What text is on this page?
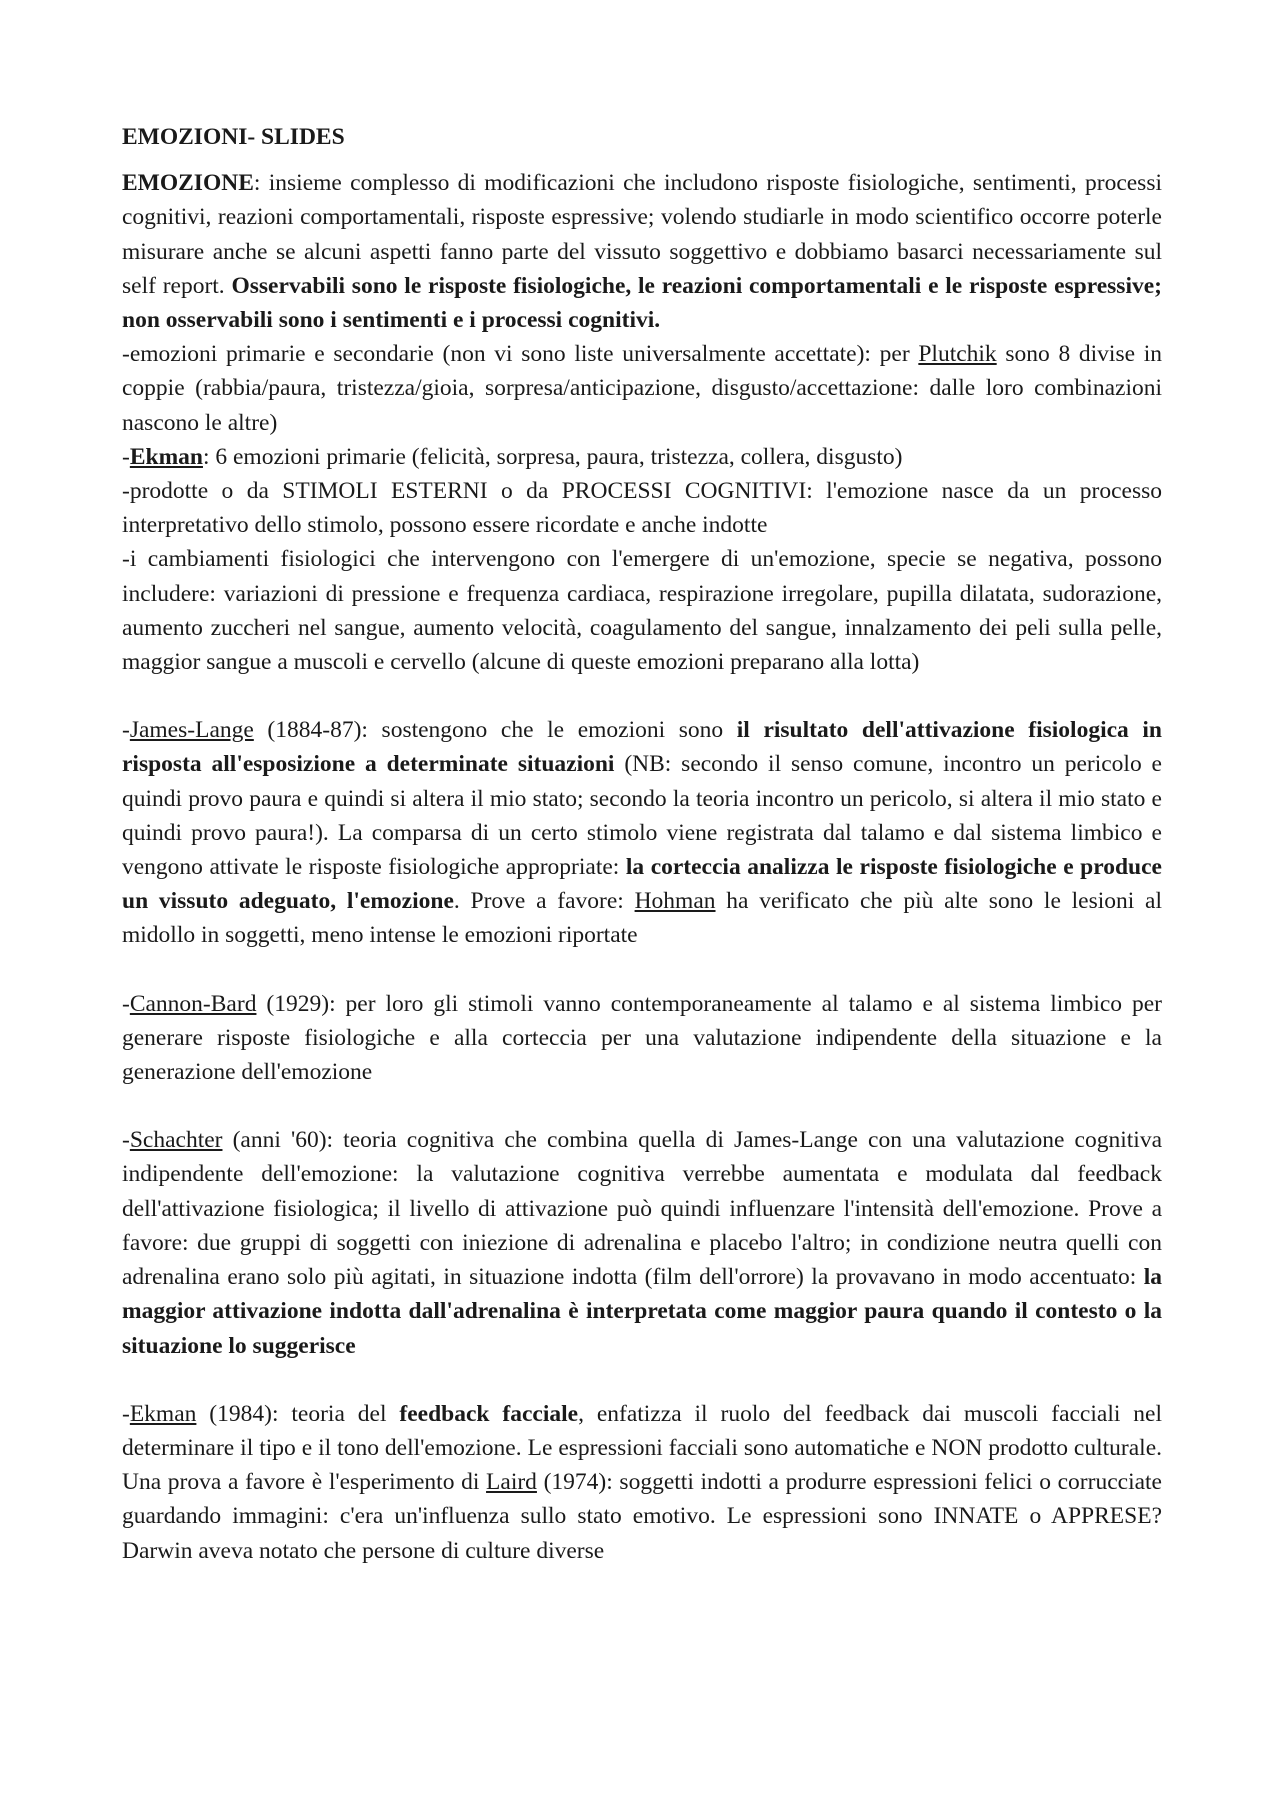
EMOZIONI- SLIDES

EMOZIONE: insieme complesso di modificazioni che includono risposte fisiologiche, sentimenti, processi cognitivi, reazioni comportamentali, risposte espressive; volendo studiarle in modo scientifico occorre poterle misurare anche se alcuni aspetti fanno parte del vissuto soggettivo e dobbiamo basarci necessariamente sul self report. Osservabili sono le risposte fisiologiche, le reazioni comportamentali e le risposte espressive; non osservabili sono i sentimenti e i processi cognitivi.

-emozioni primarie e secondarie (non vi sono liste universalmente accettate): per Plutchik sono 8 divise in coppie (rabbia/paura, tristezza/gioia, sorpresa/anticipazione, disgusto/accettazione: dalle loro combinazioni nascono le altre)

-Ekman: 6 emozioni primarie (felicità, sorpresa, paura, tristezza, collera, disgusto)

-prodotte o da STIMOLI ESTERNI o da PROCESSI COGNITIVI: l'emozione nasce da un processo interpretativo dello stimolo, possono essere ricordate e anche indotte

-i cambiamenti fisiologici che intervengono con l'emergere di un'emozione, specie se negativa, possono includere: variazioni di pressione e frequenza cardiaca, respirazione irregolare, pupilla dilatata, sudorazione, aumento zuccheri nel sangue, aumento velocità, coagulamento del sangue, innalzamento dei peli sulla pelle, maggior sangue a muscoli e cervello (alcune di queste emozioni preparano alla lotta)

-James-Lange (1884-87): sostengono che le emozioni sono il risultato dell'attivazione fisiologica in risposta all'esposizione a determinate situazioni (NB: secondo il senso comune, incontro un pericolo e quindi provo paura e quindi si altera il mio stato; secondo la teoria incontro un pericolo, si altera il mio stato e quindi provo paura!). La comparsa di un certo stimolo viene registrata dal talamo e dal sistema limbico e vengono attivate le risposte fisiologiche appropriate: la corteccia analizza le risposte fisiologiche e produce un vissuto adeguato, l'emozione. Prove a favore: Hohman ha verificato che più alte sono le lesioni al midollo in soggetti, meno intense le emozioni riportate

-Cannon-Bard (1929): per loro gli stimoli vanno contemporaneamente al talamo e al sistema limbico per generare risposte fisiologiche e alla corteccia per una valutazione indipendente della situazione e la generazione dell'emozione

-Schachter (anni '60): teoria cognitiva che combina quella di James-Lange con una valutazione cognitiva indipendente dell'emozione: la valutazione cognitiva verrebbe aumentata e modulata dal feedback dell'attivazione fisiologica; il livello di attivazione può quindi influenzare l'intensità dell'emozione. Prove a favore: due gruppi di soggetti con iniezione di adrenalina e placebo l'altro; in condizione neutra quelli con adrenalina erano solo più agitati, in situazione indotta (film dell'orrore) la provavano in modo accentuato: la maggior attivazione indotta dall'adrenalina è interpretata come maggior paura quando il contesto o la situazione lo suggerisce

-Ekman (1984): teoria del feedback facciale, enfatizza il ruolo del feedback dai muscoli facciali nel determinare il tipo e il tono dell'emozione. Le espressioni facciali sono automatiche e NON prodotto culturale. Una prova a favore è l'esperimento di Laird (1974): soggetti indotti a produrre espressioni felici o corrucciate guardando immagini: c'era un'influenza sullo stato emotivo. Le espressioni sono INNATE o APPRESE? Darwin aveva notato che persone di culture diverse
